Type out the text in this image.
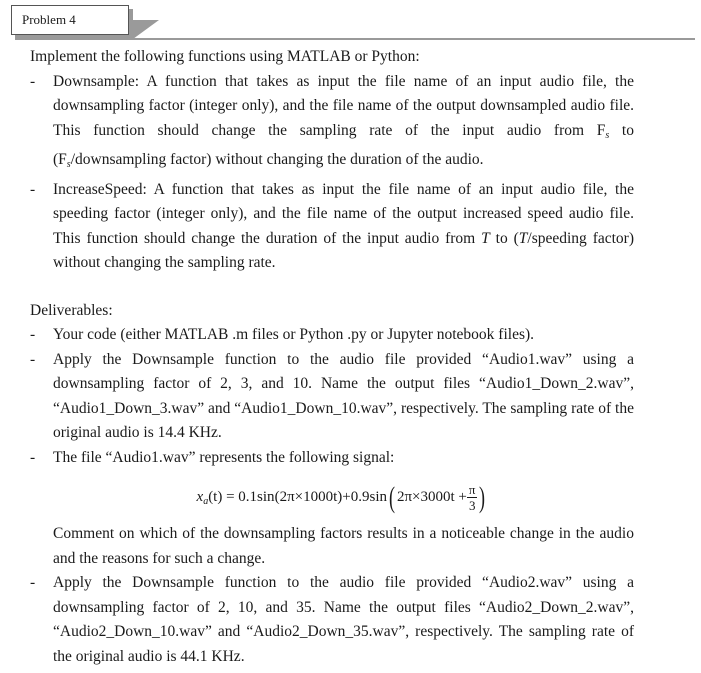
Problem 4

Implement the following functions using MATLAB or Python:

- Downsample: A function that takes as input the file name of an input audio file, the downsampling factor (integer only), and the file name of the output downsampled audio file. This function should change the sampling rate of the input audio from $F_s$ to ($F_s$/downsampling factor) without changing the duration of the audio.
- IncreaseSpeed: A function that takes as input the file name of an input audio file, the speeding factor (integer only), and the file name of the output increased speed audio file. This function should change the duration of the input audio from T to (T/speeding factor) without changing the sampling rate.

Deliverables:

- Your code (either MATLAB .m files or Python .py or Jupyter notebook files).
- Apply the Downsample function to the audio file provided “Audio1.wav” using a downsampling factor of 2, 3, and 10. Name the output files “Audio1_Down_2.wav”, “Audio1_Down_3.wav” and “Audio1_Down_10.wav”, respectively. The sampling rate of the original audio is 14.4 KHz.
- The file “Audio1.wav” represents the following signal:
$x_a(t) = 0.1\sin(2\pi\times 1000t)+0.9\sin$( $2\pi\times 3000t + \frac{\pi}{3}$ )

Comment on which of the downsampling factors results in a noticeable change in the audio and the reasons for such a change.

- Apply the Downsample function to the audio file provided “Audio2.wav” using a downsampling factor of 2, 10, and 35. Name the output files “Audio2_Down_2.wav”, “Audio2_Down_10.wav” and “Audio2_Down_35.wav”, respectively. The sampling rate of the original audio is 44.1 KHz.
